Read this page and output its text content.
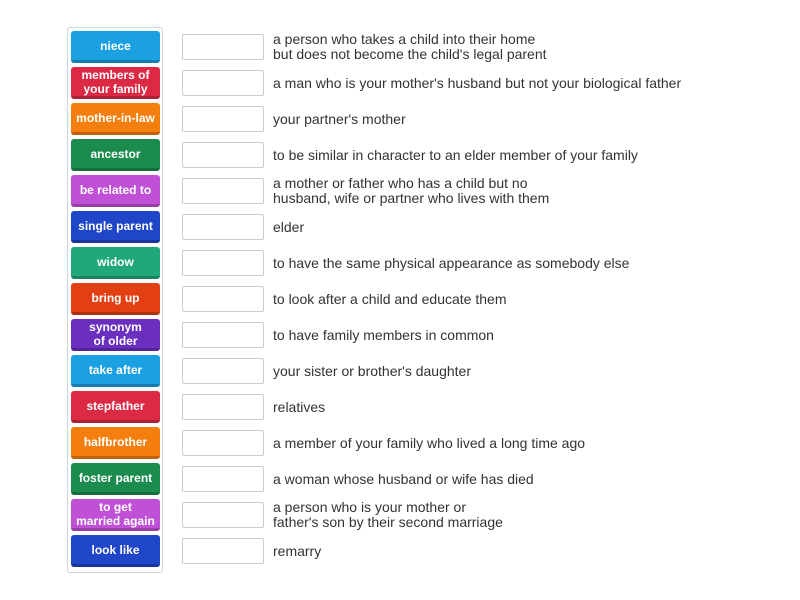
niece
members of
your family
mother-in-law
ancestor
be related to
single parent
widow
bring up
synonym
of older
take after
stepfather
halfbrother
foster parent
to get
married again
look like
a person who takes a child into their home
but does not become the child's legal parent
a man who is your mother's husband but not your biological father
your partner's mother
to be similar in character to an elder member of your family
a mother or father who has a child but no
husband, wife or partner who lives with them
elder
to have the same physical appearance as somebody else
to look after a child and educate them
to have family members in common
your sister or brother's daughter
relatives
a member of your family who lived a long time ago
a woman whose husband or wife has died
a person who is your mother or
father's son by their second marriage
remarry
